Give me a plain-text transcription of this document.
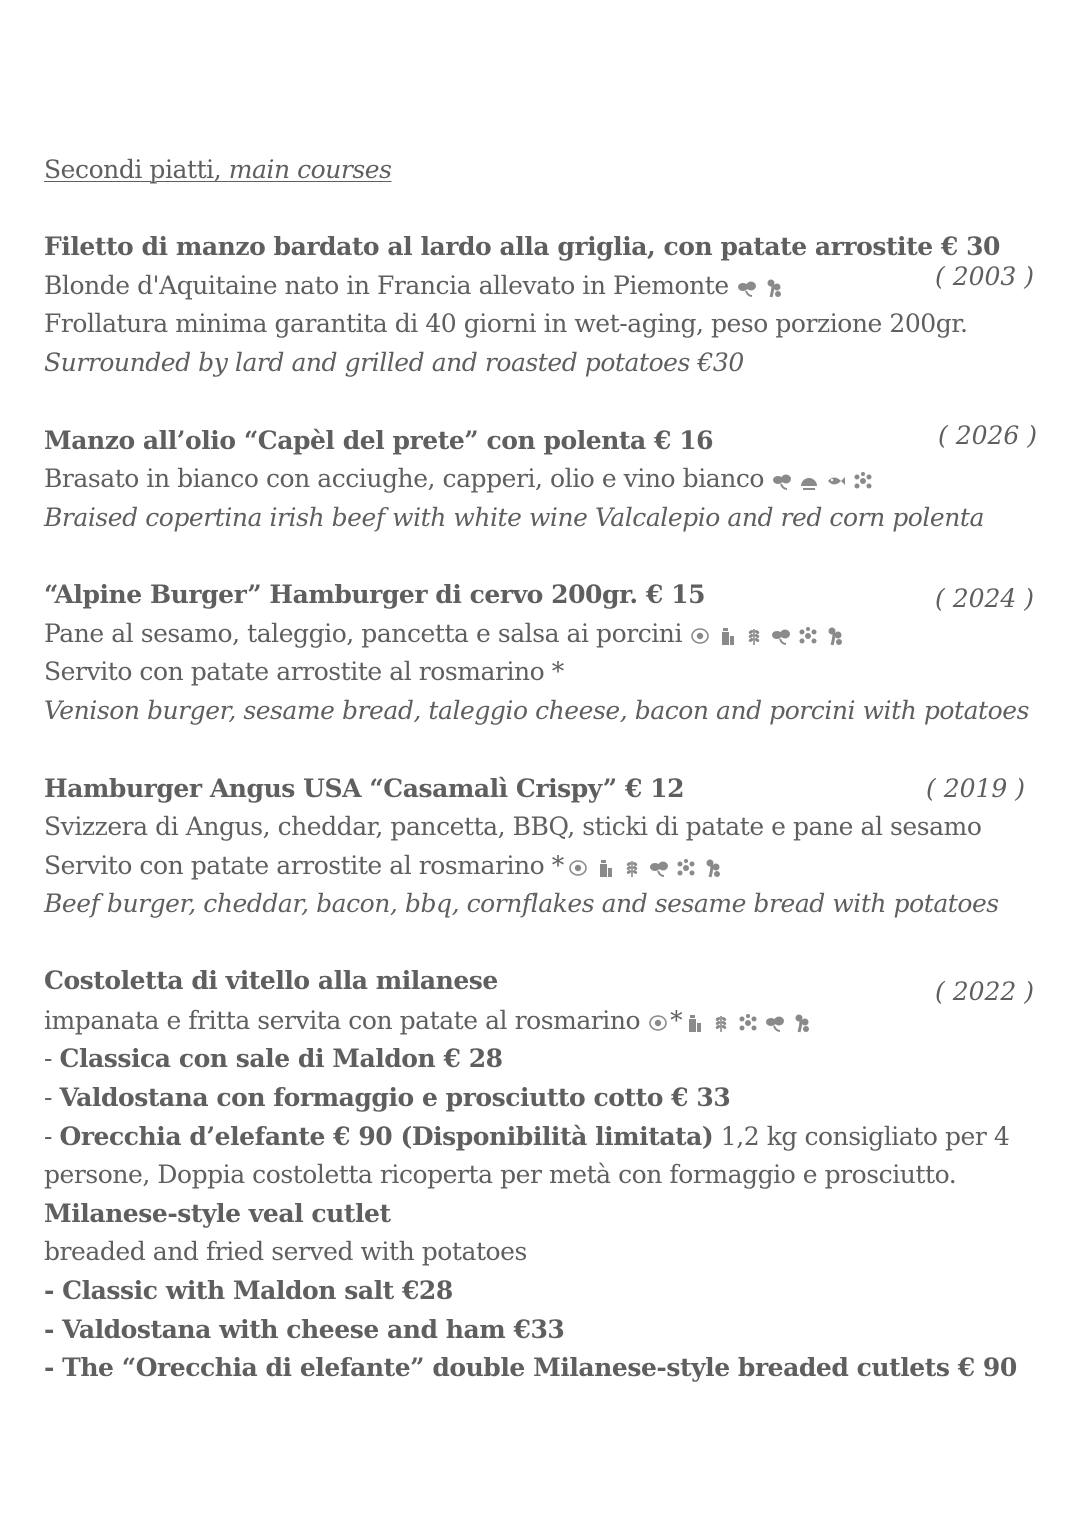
Secondi piatti, main courses
Filetto di manzo bardato al lardo alla griglia, con patate arrostite € 30
( 2003 )
Blonde d'Aquitaine nato in Francia allevato in Piemonte
Frollatura minima garantita di 40 giorni in wet-aging, peso porzione 200gr.
Surrounded by lard and grilled and roasted potatoes €30
Manzo all’olio “Capèl del prete” con polenta € 16	( 2026 )
Brasato in bianco con acciughe, capperi, olio e vino bianco
Braised copertina irish beef with white wine Valcalepio and red corn polenta
“Alpine Burger” Hamburger di cervo 200gr. € 15	( 2024 )
Pane al sesamo, taleggio, pancetta e salsa ai porcini
Servito con patate arrostite al rosmarino *
Venison burger, sesame bread, taleggio cheese, bacon and porcini with potatoes
Hamburger Angus USA “Casamalì Crispy” € 12	( 2019 )
Svizzera di Angus, cheddar, pancetta, BBQ, sticki di patate e pane al sesamo
Servito con patate arrostite al rosmarino *
Beef burger, cheddar, bacon, bbq, cornflakes and sesame bread with potatoes
Costoletta di vitello alla milanese	( 2022 )
impanata e fritta servita con patate al rosmarino *
- Classica con sale di Maldon € 28
- Valdostana con formaggio e prosciutto cotto € 33
- Orecchia d’elefante € 90 (Disponibilità limitata) 1,2 kg consigliato per 4
persone, Doppia costoletta ricoperta per metà con formaggio e prosciutto.
Milanese-style veal cutlet
breaded and fried served with potatoes
- Classic with Maldon salt €28
- Valdostana with cheese and ham €33
- The “Orecchia di elefante” double Milanese-style breaded cutlets € 90
